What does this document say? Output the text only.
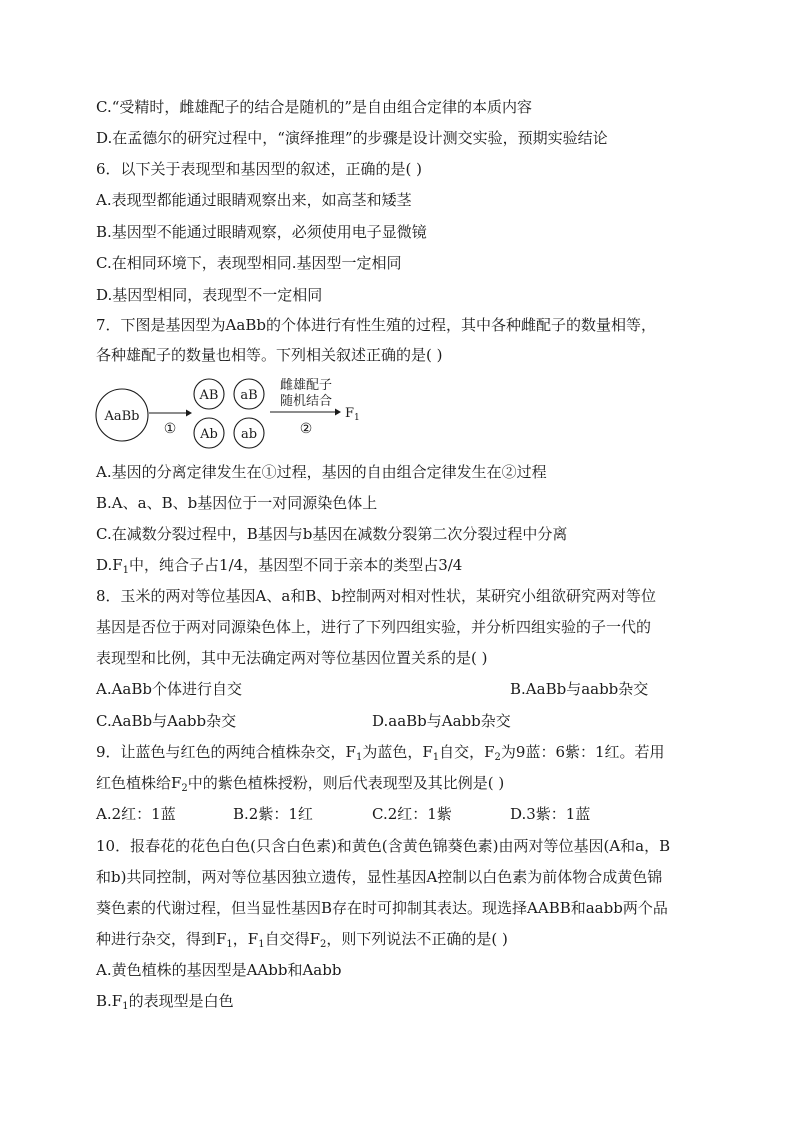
C.“受精时，雌雄配子的结合是随机的”是自由组合定律的本质内容
D.在孟德尔的研究过程中，“演绎推理”的步骤是设计测交实验，预期实验结论
6．以下关于表现型和基因型的叙述，正确的是( )
A.表现型都能通过眼睛观察出来，如高茎和矮茎
B.基因型不能通过眼睛观察，必须使用电子显微镜
C.在相同环境下，表现型相同.基因型一定相同
D.基因型相同，表现型不一定相同
7．下图是基因型为AaBb的个体进行有性生殖的过程，其中各种雌配子的数量相等，
各种雄配子的数量也相等。下列相关叙述正确的是( )
AaBb
①
AB aB
Ab ab
雌雄配子
随机结合
②
$F_1$
A.基因的分离定律发生在①过程，基因的自由组合定律发生在②过程
B.A、a、B、b基因位于一对同源染色体上
C.在减数分裂过程中，B基因与b基因在减数分裂第二次分裂过程中分离
$D.F_1$中，纯合子占1/4，基因型不同于亲本的类型占3/4
8．玉米的两对等位基因A、a和B、b控制两对相对性状，某研究小组欲研究两对等位
基因是否位于两对同源染色体上，进行了下列四组实验，并分析四组实验的子一代的
表现型和比例，其中无法确定两对等位基因位置关系的是( )
A.AaBb个体进行自交	B.AaBb与aabb杂交
C.AaBb与Aabb杂交	D.aaBb与Aabb杂交
9．让蓝色与红色的两纯合植株杂交，$F_1$为蓝色，$F_1$自交，$F_2$为9蓝：6紫：1红。若用
红色植株给$F_2$中的紫色植株授粉，则后代表现型及其比例是( )
A.2红：1蓝	B.2紫：1红	C.2红：1紫	D.3紫：1蓝
10．报春花的花色白色(只含白色素)和黄色(含黄色锦葵色素)由两对等位基因(A和a，B
和b)共同控制，两对等位基因独立遗传，显性基因A控制以白色素为前体物合成黄色锦
葵色素的代谢过程，但当显性基因B存在时可抑制其表达。现选择AABB和aabb两个品
种进行杂交，得到$F_1$，$F_1$自交得$F_2$，则下列说法不正确的是( )
A.黄色植株的基因型是AAbb和Aabb
$B.F_1$的表现型是白色
